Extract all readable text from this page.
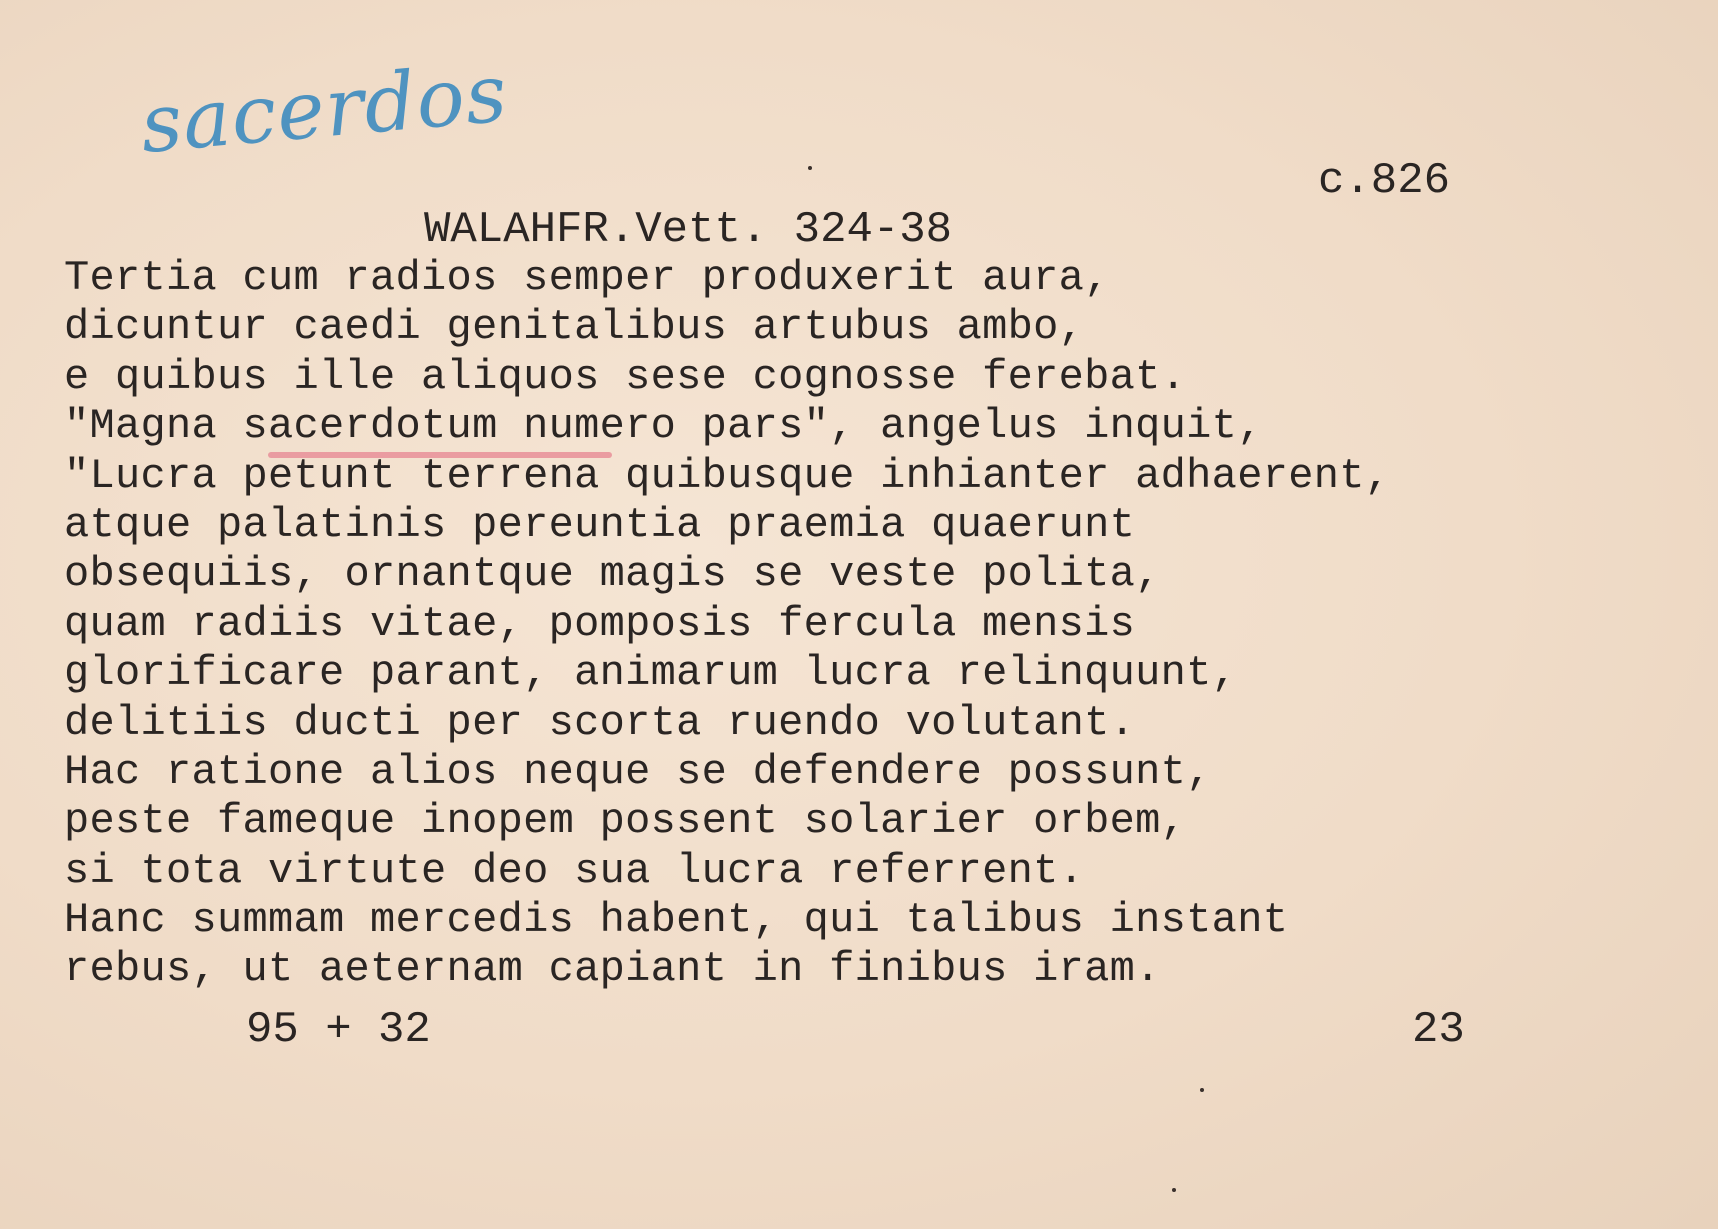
sacerdos
c.826
WALAHFR.Vett. 324-38
Tertia cum radios semper produxerit aura,
dicuntur caedi genitalibus artubus ambo,
e quibus ille aliquos sese cognosse ferebat.
"Magna sacerdotum numero pars", angelus inquit,
"Lucra petunt terrena quibusque inhianter adhaerent,
atque palatinis pereuntia praemia quaerunt
obsequiis, ornantque magis se veste polita,
quam radiis vitae, pomposis fercula mensis
glorificare parant, animarum lucra relinquunt,
delitiis ducti per scorta ruendo volutant.
Hac ratione alios neque se defendere possunt,
peste fameque inopem possent solarier orbem,
si tota virtute deo sua lucra referrent.
Hanc summam mercedis habent, qui talibus instant
rebus, ut aeternam capiant in finibus iram.
95 + 32	23
